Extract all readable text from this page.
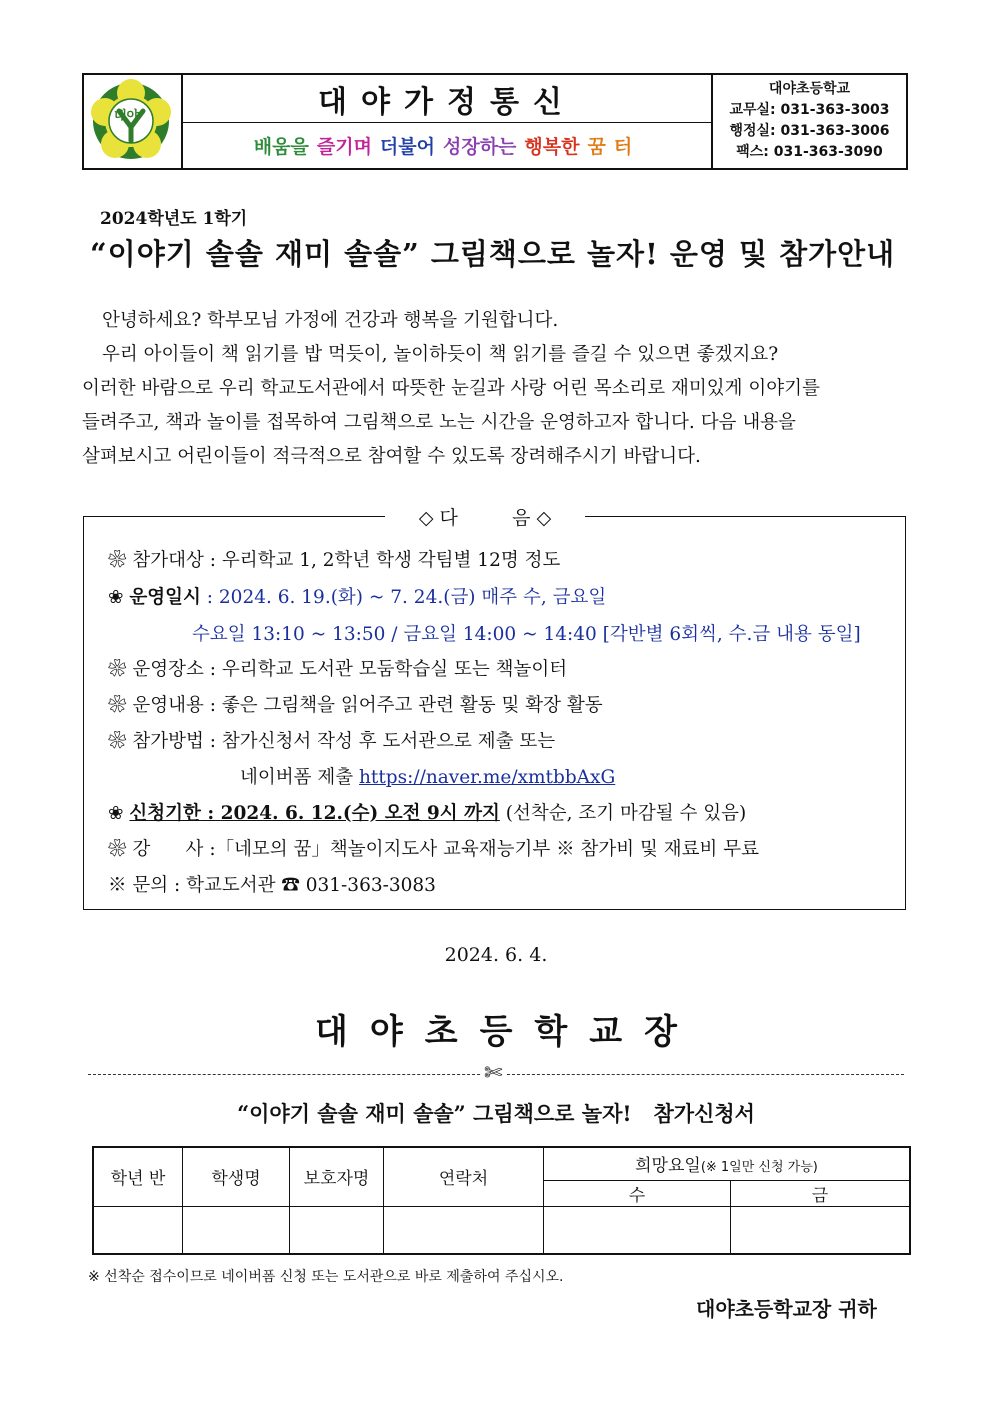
대야	대야가정통신
배움을 즐기며 더불어 성장하는 행복한 꿈 터
대야초등학교
교무실: 031-363-3003
행정실: 031-363-3006
팩스: 031-363-3090
2024학년도 1학기
“이야기 솔솔 재미 솔솔” 그림책으로 놀자! 운영 및 참가안내
안녕하세요? 학부모님 가정에 건강과 행복을 기원합니다.
우리 아이들이 책 읽기를 밥 먹듯이, 놀이하듯이 책 읽기를 즐길 수 있으면 좋겠지요?
이러한 바람으로 우리 학교도서관에서 따뜻한 눈길과 사랑 어린 목소리로 재미있게 이야기를
들려주고, 책과 놀이를 접목하여 그림책으로 노는 시간을 운영하고자 합니다. 다음 내용을
살펴보시고 어린이들이 적극적으로 참여할 수 있도록 장려해주시기 바랍니다.
◇ 다         음 ◇
❀ 참가대상 : 우리학교 1, 2학년 학생 각팀별 12명 정도
❀ 운영일시 : 2024. 6. 19.(화) ~ 7. 24.(금) 매주 수, 금요일
수요일 13:10 ~ 13:50 / 금요일 14:00 ~ 14:40 [각반별 6회씩, 수.금 내용 동일]
❀ 운영장소 : 우리학교 도서관 모둠학습실 또는 책놀이터
❀ 운영내용 : 좋은 그림책을 읽어주고 관련 활동 및 확장 활동
❀ 참가방법 : 참가신청서 작성 후 도서관으로 제출 또는
네이버폼 제출 https://naver.me/xmtbbAxG
❀ 신청기한 : 2024. 6. 12.(수) 오전 9시 까지 (선착순, 조기 마감될 수 있음)
❀ 강      사 :「네모의 꿈」책놀이지도사 교육재능기부 ※ 참가비 및 재료비 무료
※ 문의 : 학교도서관 ☎ 031-363-3083
2024. 6. 4.
대야초등학교장
✄
“이야기 솔솔 재미 솔솔” 그림책으로 놀자!   참가신청서
학년 반	학생명	보호자명	연락처	희망요일(※ 1일만 신청 가능)	
				수	금

※ 선착순 접수이므로 네이버폼 신청 또는 도서관으로 바로 제출하여 주십시오.
대야초등학교장 귀하
